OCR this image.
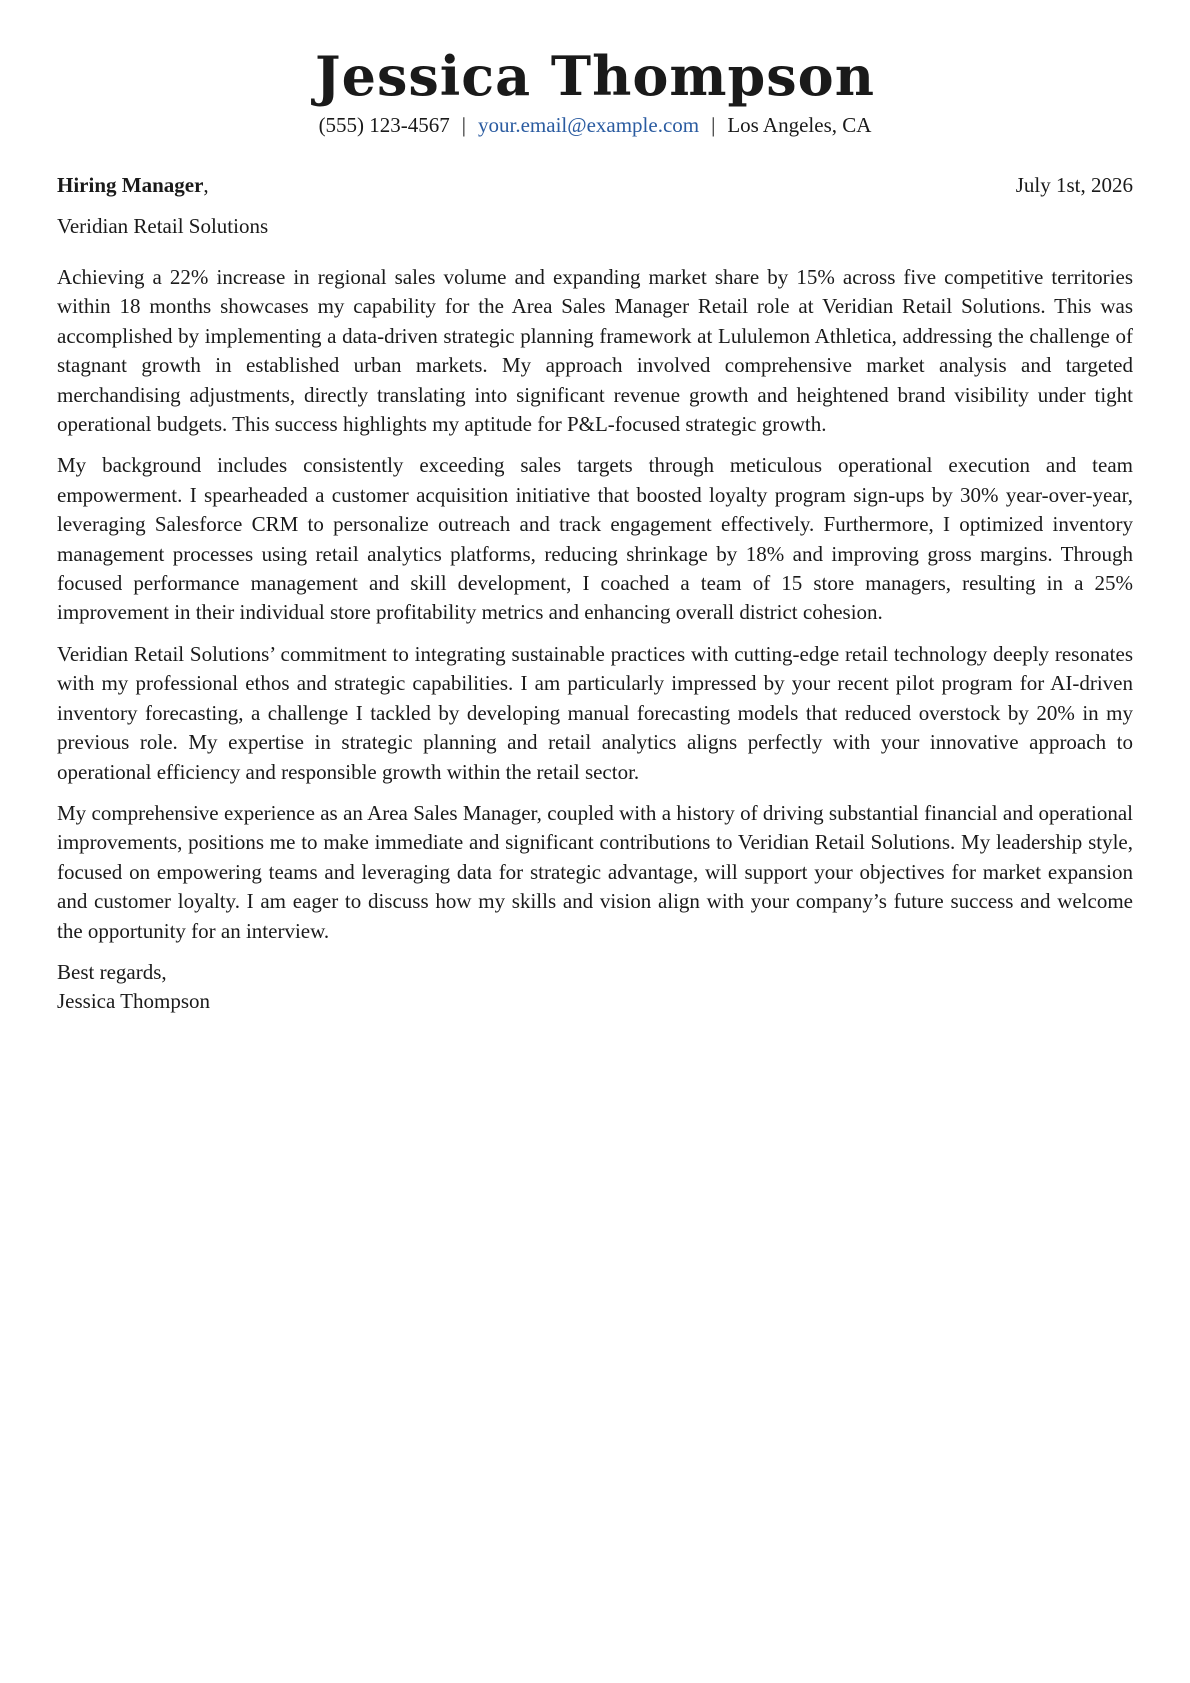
Jessica Thompson
(555) 123-4567 | your.email@example.com | Los Angeles, CA
Hiring Manager,	July 1st, 2026
Veridian Retail Solutions

Achieving a 22% increase in regional sales volume and expanding market share by 15% across five competitive territories within 18 months showcases my capability for the Area Sales Manager Retail role at Veridian Retail Solutions. This was accomplished by implementing a data-driven strategic planning framework at Lululemon Athletica, addressing the challenge of stagnant growth in established urban markets. My approach involved comprehensive market analysis and targeted merchandising adjustments, directly translating into significant revenue growth and heightened brand visibility under tight operational budgets. This success highlights my aptitude for P&L-focused strategic growth.

My background includes consistently exceeding sales targets through meticulous operational execution and team empowerment. I spearheaded a customer acquisition initiative that boosted loyalty program sign-ups by 30% year-over-year, leveraging Salesforce CRM to personalize outreach and track engagement effectively. Furthermore, I optimized inventory management processes using retail analytics platforms, reducing shrinkage by 18% and improving gross margins. Through focused performance management and skill development, I coached a team of 15 store managers, resulting in a 25% improvement in their individual store profitability metrics and enhancing overall district cohesion.

Veridian Retail Solutions’ commitment to integrating sustainable practices with cutting-edge retail technology deeply resonates with my professional ethos and strategic capabilities. I am particularly impressed by your recent pilot program for AI-driven inventory forecasting, a challenge I tackled by developing manual forecasting models that reduced overstock by 20% in my previous role. My expertise in strategic planning and retail analytics aligns perfectly with your innovative approach to operational efficiency and responsible growth within the retail sector.

My comprehensive experience as an Area Sales Manager, coupled with a history of driving substantial financial and operational improvements, positions me to make immediate and significant contributions to Veridian Retail Solutions. My leadership style, focused on empowering teams and leveraging data for strategic advantage, will support your objectives for market expansion and customer loyalty. I am eager to discuss how my skills and vision align with your company’s future success and welcome the opportunity for an interview.

Best regards,
Jessica Thompson
